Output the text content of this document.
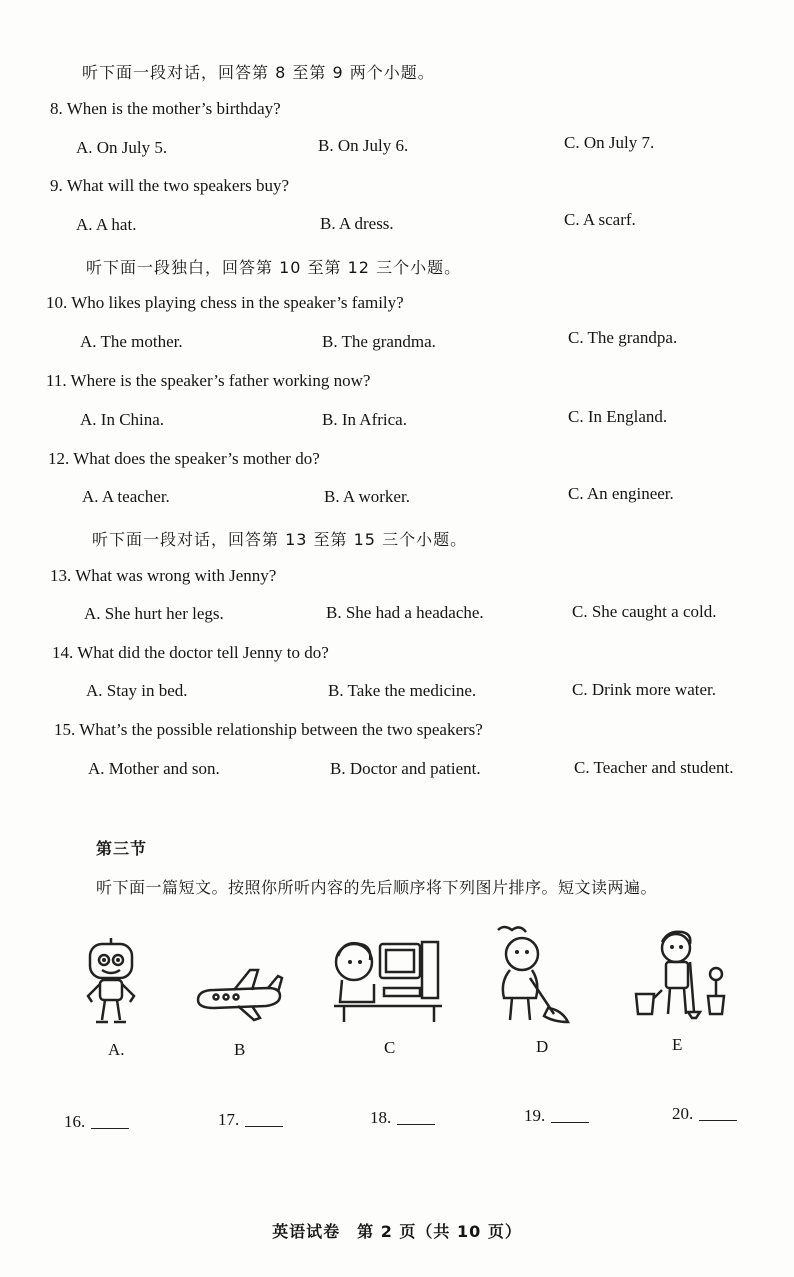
听下面一段对话，回答第 8 至第 9 两个小题。
8. When is the mother’s birthday?
A. On July 5.	B. On July 6.	C. On July 7.
9. What will the two speakers buy?
A. A hat.	B. A dress.	C. A scarf.
听下面一段独白，回答第 10 至第 12 三个小题。
10. Who likes playing chess in the speaker’s family?
A. The mother.	B. The grandma.	C. The grandpa.
11. Where is the speaker’s father working now?
A. In China.	B. In Africa.	C. In England.
12. What does the speaker’s mother do?
A. A teacher.	B. A worker.	C. An engineer.
听下面一段对话，回答第 13 至第 15 三个小题。
13. What was wrong with Jenny?
A. She hurt her legs.	B. She had a headache.	C. She caught a cold.
14. What did the doctor tell Jenny to do?
A. Stay in bed.	B. Take the medicine.	C. Drink more water.
15. What’s the possible relationship between the two speakers?
A. Mother and son.	B. Doctor and patient.	C. Teacher and student.
第三节
听下面一篇短文。按照你所听内容的先后顺序将下列图片排序。短文读两遍。
A.	B	C	D	E
16.	17.	18.	19.	20.
英语试卷　第 2 页（共 10 页）
